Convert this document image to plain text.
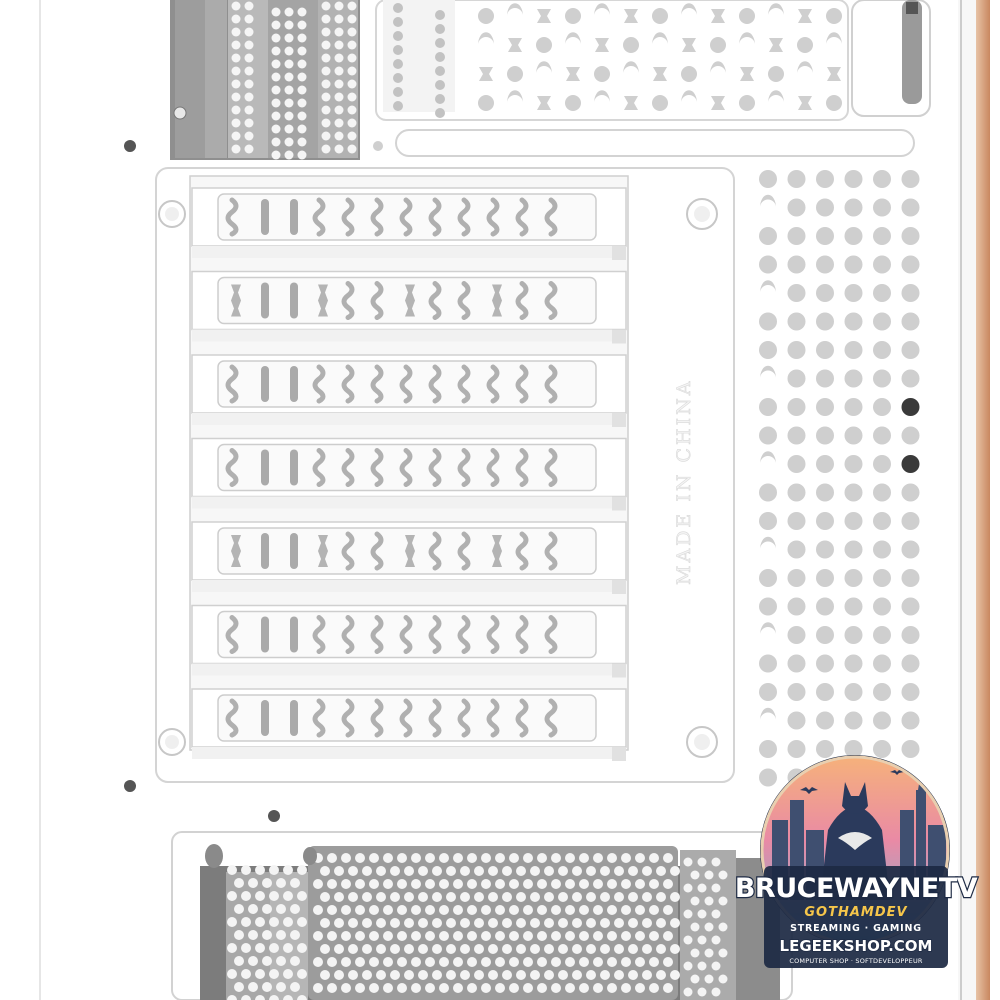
MADE IN CHINA
BRUCEWAYNETV
GOTHAMDEV
STREAMING · GAMING
LEGEEKSHOP.COM
COMPUTER SHOP · SOFTDEVELOPPEUR
